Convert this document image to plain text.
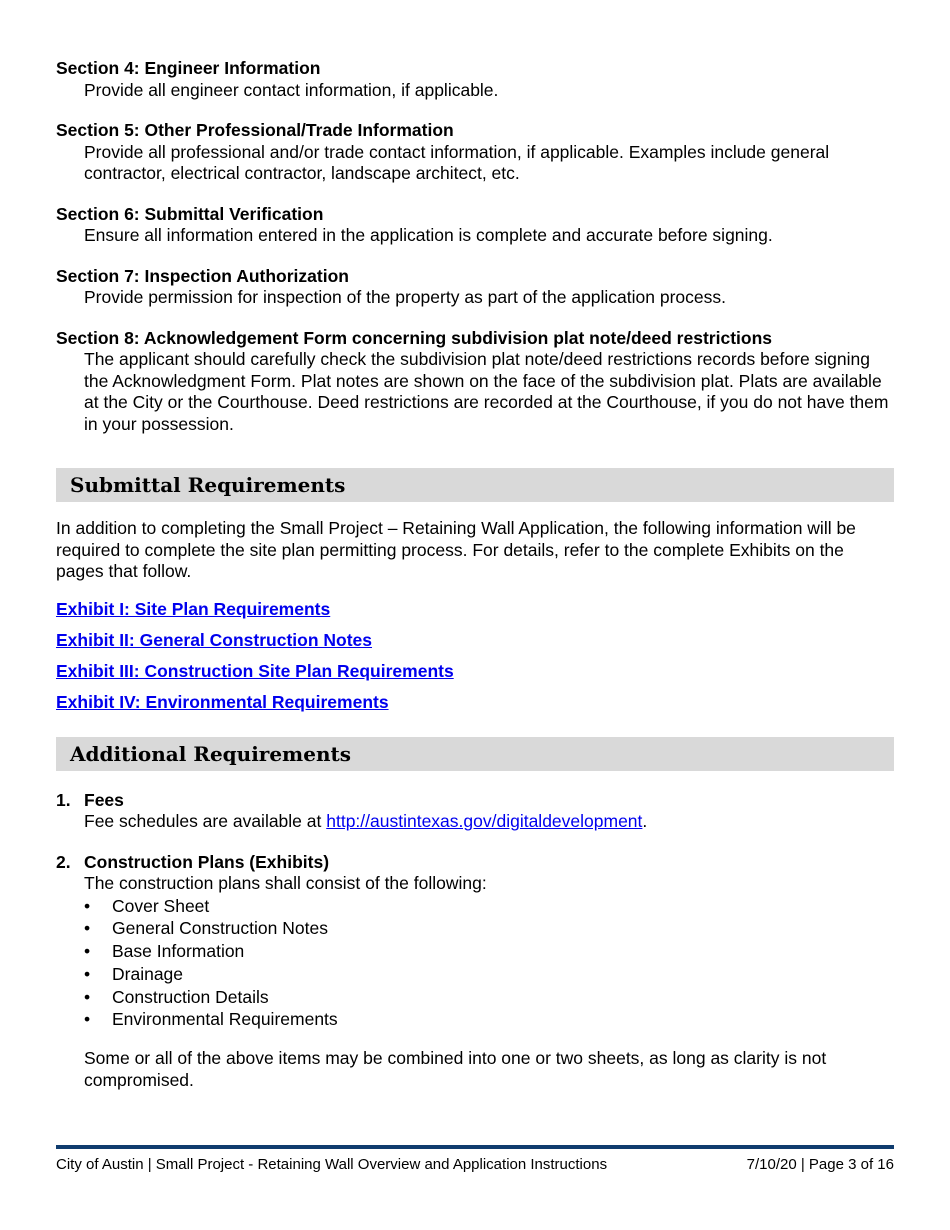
Section 4: Engineer Information
Provide all engineer contact information, if applicable.
Section 5: Other Professional/Trade Information
Provide all professional and/or trade contact information, if applicable. Examples include general contractor, electrical contractor, landscape architect, etc.
Section 6: Submittal Verification
Ensure all information entered in the application is complete and accurate before signing.
Section 7: Inspection Authorization
Provide permission for inspection of the property as part of the application process.
Section 8: Acknowledgement Form concerning subdivision plat note/deed restrictions
The applicant should carefully check the subdivision plat note/deed restrictions records before signing the Acknowledgment Form. Plat notes are shown on the face of the subdivision plat. Plats are available at the City or the Courthouse. Deed restrictions are recorded at the Courthouse, if you do not have them in your possession.
Submittal Requirements

In addition to completing the Small Project – Retaining Wall Application, the following information will be required to complete the site plan permitting process. For details, refer to the complete Exhibits on the pages that follow.

Exhibit I: Site Plan Requirements
Exhibit II: General Construction Notes
Exhibit III: Construction Site Plan Requirements
Exhibit IV: Environmental Requirements
Additional Requirements
1. Fees
Fee schedules are available at http://austintexas.gov/digitaldevelopment.
2. Construction Plans (Exhibits)
The construction plans shall consist of the following:
• Cover Sheet
• General Construction Notes
• Base Information
• Drainage
• Construction Details
• Environmental Requirements
Some or all of the above items may be combined into one or two sheets, as long as clarity is not compromised.
City of Austin | Small Project - Retaining Wall Overview and Application Instructions	7/10/20 | Page 3 of 16
